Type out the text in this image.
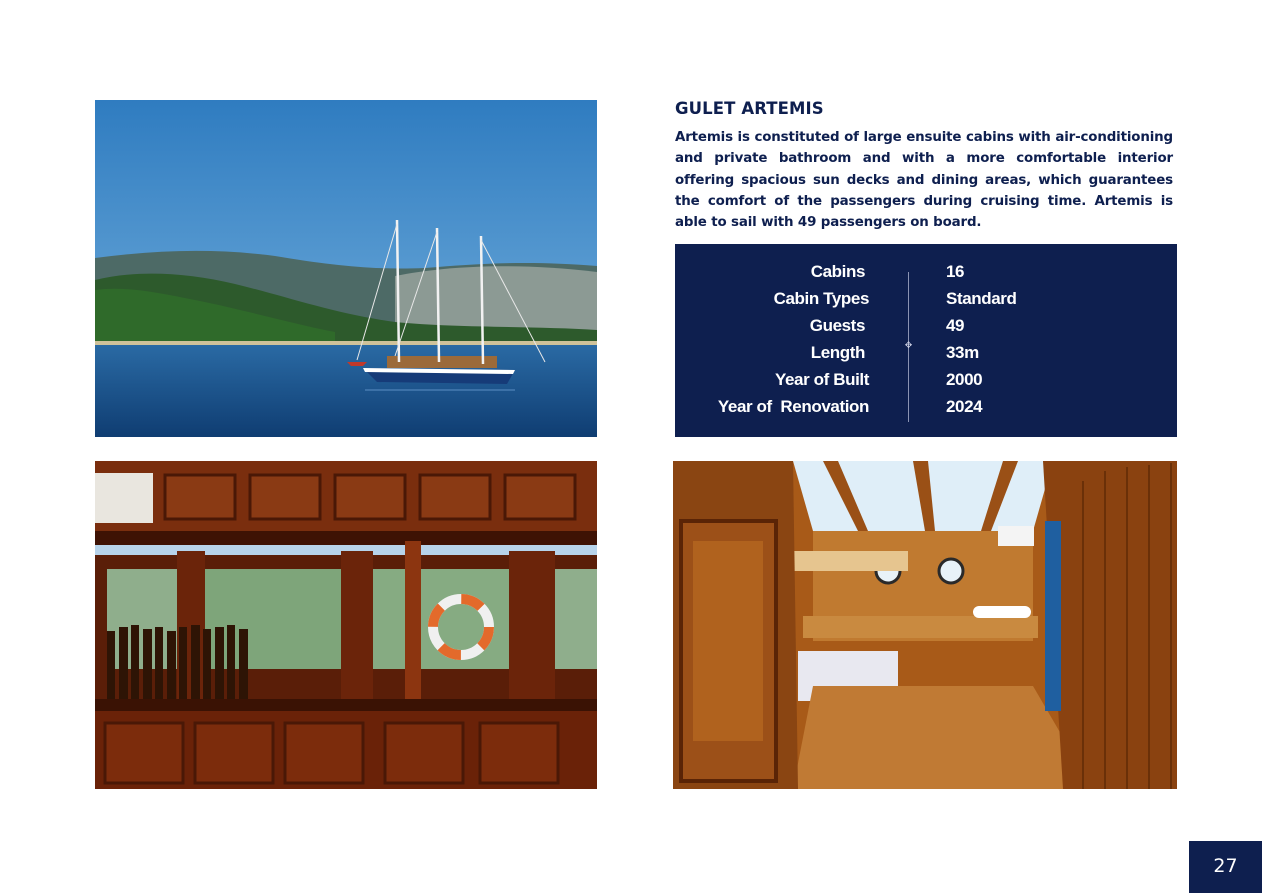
GULET ARTEMIS
Artemis is constituted of large ensuite cabins with air-conditioning and private bathroom and with a more comfortable interior offering spacious sun decks and dining areas, which guarantees the comfort of the passengers during cruising time. Artemis is able to sail with 49 passengers on board.
✥
Cabins	16
Cabin Types	Standard
Guests	49
Length	33m
Year of Built	2000
Year of  Renovation	2024
27
